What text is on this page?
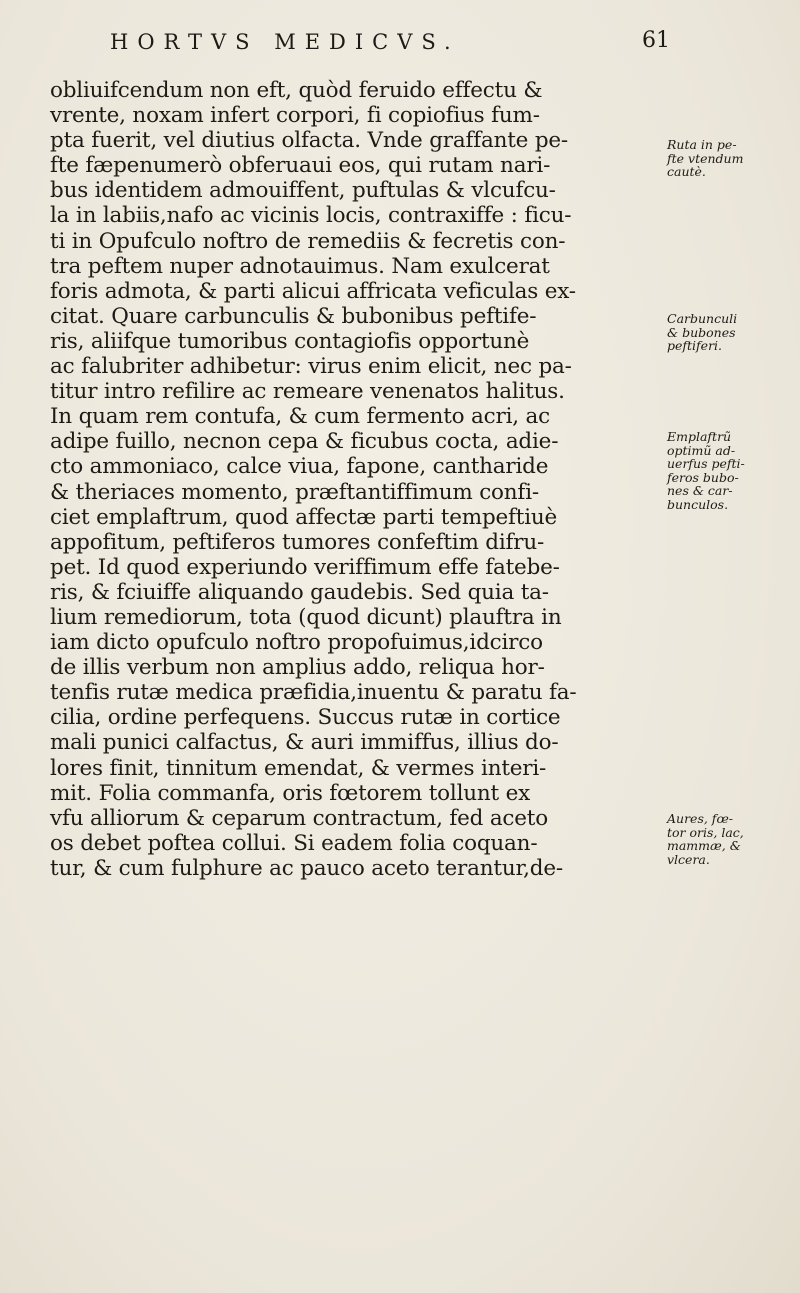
HORTVS MEDICVS.	61
obliuifcendum non eft, quòd feruido effectu &
vrente, noxam infert corpori, fi copiofius fum-
pta fuerit, vel diutius olfacta. Vnde graffante pe-
fte fæpenumerò obferuaui eos, qui rutam nari-
bus identidem admouiffent, puftulas & vlcufcu-
la in labiis,nafo ac vicinis locis, contraxiffe : ficu-
ti in Opufculo noftro de remediis & fecretis con-
tra peftem nuper adnotauimus. Nam exulcerat
foris admota, & parti alicui affricata veficulas ex-
citat. Quare carbunculis & bubonibus peftife-
ris, aliifque tumoribus contagiofis opportunè
ac falubriter adhibetur: virus enim elicit, nec pa-
titur intro refilire ac remeare venenatos halitus.
In quam rem contufa, & cum fermento acri, ac
adipe fuillo, necnon cepa & ficubus cocta, adie-
cto ammoniaco, calce viua, fapone, cantharide
& theriaces momento, præftantiffimum confi-
ciet emplaftrum, quod affectæ parti tempeftiuè
appofitum, peftiferos tumores confeftim difru-
pet. Id quod experiundo veriffimum effe fatebe-
ris, & fciuiffe aliquando gaudebis. Sed quia ta-
lium remediorum, tota (quod dicunt) plauftra in
iam dicto opufculo noftro propofuimus,idcirco
de illis verbum non amplius addo, reliqua hor-
tenfis rutæ medica præfidia,inuentu & paratu fa-
cilia, ordine perfequens. Succus rutæ in cortice
mali punici calfactus, & auri immiffus, illius do-
lores finit, tinnitum emendat, & vermes interi-
mit. Folia commanfa, oris fœtorem tollunt ex
vfu alliorum & ceparum contractum, fed aceto
os debet poftea collui. Si eadem folia coquan-
tur, & cum fulphure ac pauco aceto terantur,de-
Ruta in pe-
fte vtendum
cautè.
Carbunculi
& bubones
peftiferi.
Emplaftrũ
optimũ ad-
uerfus pefti-
feros bubo-
nes & car-
bunculos.
Aures, fœ-
tor oris, lac,
mammæ, &
vlcera.
